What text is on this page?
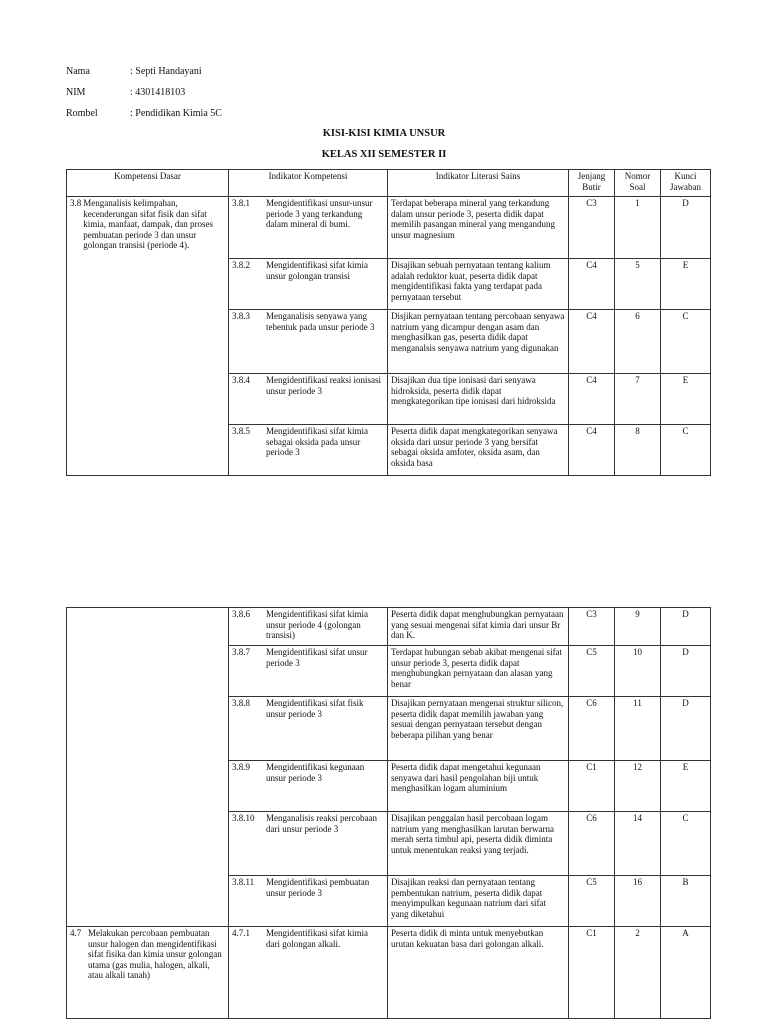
Nama	: Septi Handayani
NIM	: 4301418103
Rombel	: Pendidikan Kimia 5C
KISI-KISI KIMIA UNSUR
KELAS XII SEMESTER II
Kompetensi Dasar	Indikator Kompetensi	Indikator Literasi Sains	Jenjang Butir	Nomor Soal	Kunci Jawaban

3.8 Menganalisis kelimpahan, kecenderungan sifat fisik dan sifat kimia, manfaat, dampak, dan proses pembuatan periode 3 dan unsur golongan transisi (periode 4).	3.8.1 Mengidentifikasi unsur-unsur periode 3 yang terkandung dalam mineral di bumi.	Terdapat beberapa mineral yang terkandung dalam unsur periode 3, peserta didik dapat memilih pasangan mineral yang mengandung unsur magnesium	C3	1	D

	3.8.2 Mengidentifikasi sifat kimia unsur golongan transisi	Disajikan sebuah pernyataan tentang kalium adalah reduktor kuat, peserta didik dapat mengidentifikasi fakta yang terdapat pada pernyataan tersebut	C4	5	E

	3.8.3 Menganalisis senyawa yang tebentuk pada unsur periode 3	Disjikan pernyataan tentang percobaan senyawa natrium yang dicampur dengan asam dan menghasilkan gas, peserta didik dapat menganalsis senyawa natrium yang digunakan	C4	6	C

	3.8.4 Mengidentifikasi reaksi ionisasi unsur periode 3	Disajikan dua tipe ionisasi dari senyawa hidroksida, peserta didik dapat mengkategorikan tipe ionisasi dari hidroksida	C4	7	E

	3.8.5 Mengidentifikasi sifat kimia sebagai oksida pada unsur periode 3	Peserta didik dapat mengkategorikan senyawa oksida dari unsur periode 3 yang bersifat sebagai oksida amfoter, oksida asam, dan oksida basa	C4	8	C

	3.8.6 Mengidentifikasi sifat kimia unsur periode 4 (golongan transisi)	Peserta didik dapat menghubungkan pernyataan yang sesuai mengenai sifat kimia dari unsur Br dan K.	C3	9	D

	3.8.7 Mengidentifikasi sifat unsur periode 3	Terdapat hubungan sebab akibat mengenai sifat unsur periode 3, peserta didik dapat menghubungkan pernyataan dan alasan yang benar	C5	10	D

	3.8.8 Mengidentifikasi sifat fisik unsur periode 3	Disajikan pernyataan mengenai struktur silicon, peserta didik dapat memilih jawaban yang sesuai dengan pernyataan tersebut dengan beberapa pilihan yang benar	C6	11	D

	3.8.9 Mengidentifikasi kegunaan unsur periode 3	Peserta didik dapat mengetahui kegunaan senyawa dari hasil pengolahan biji untuk menghasilkan logam aluminium	C1	12	E

	3.8.10 Menganalisis reaksi percobaan dari unsur periode 3	Disajikan penggalan hasil percobaan logam natrium yang menghasilkan larutan berwarna merah serta timbul api, peserta didik diminta untuk menentukan reaksi yang terjadi.	C6	14	C

	3.8.11 Mengidentifikasi pembuatan unsur periode 3	Disajikan reaksi dan pernyataan tentang pembentukan natrium, peserta didik dapat menyimpulkan kegunaan natrium dari sifat yang diketahui	C5	16	B

4.7 Melakukan percobaan pembuatan unsur halogen dan mengidentifikasi sifat fisika dan kimia unsur golongan utama (gas mulia, halogen, alkali, atau alkali tanah)	4.7.1 Mengidentifikasi sifat kimia dari golongan alkali.	Peserta didik di minta untuk menyebutkan urutan kekuatan basa dari golongan alkali.	C1	2	A
